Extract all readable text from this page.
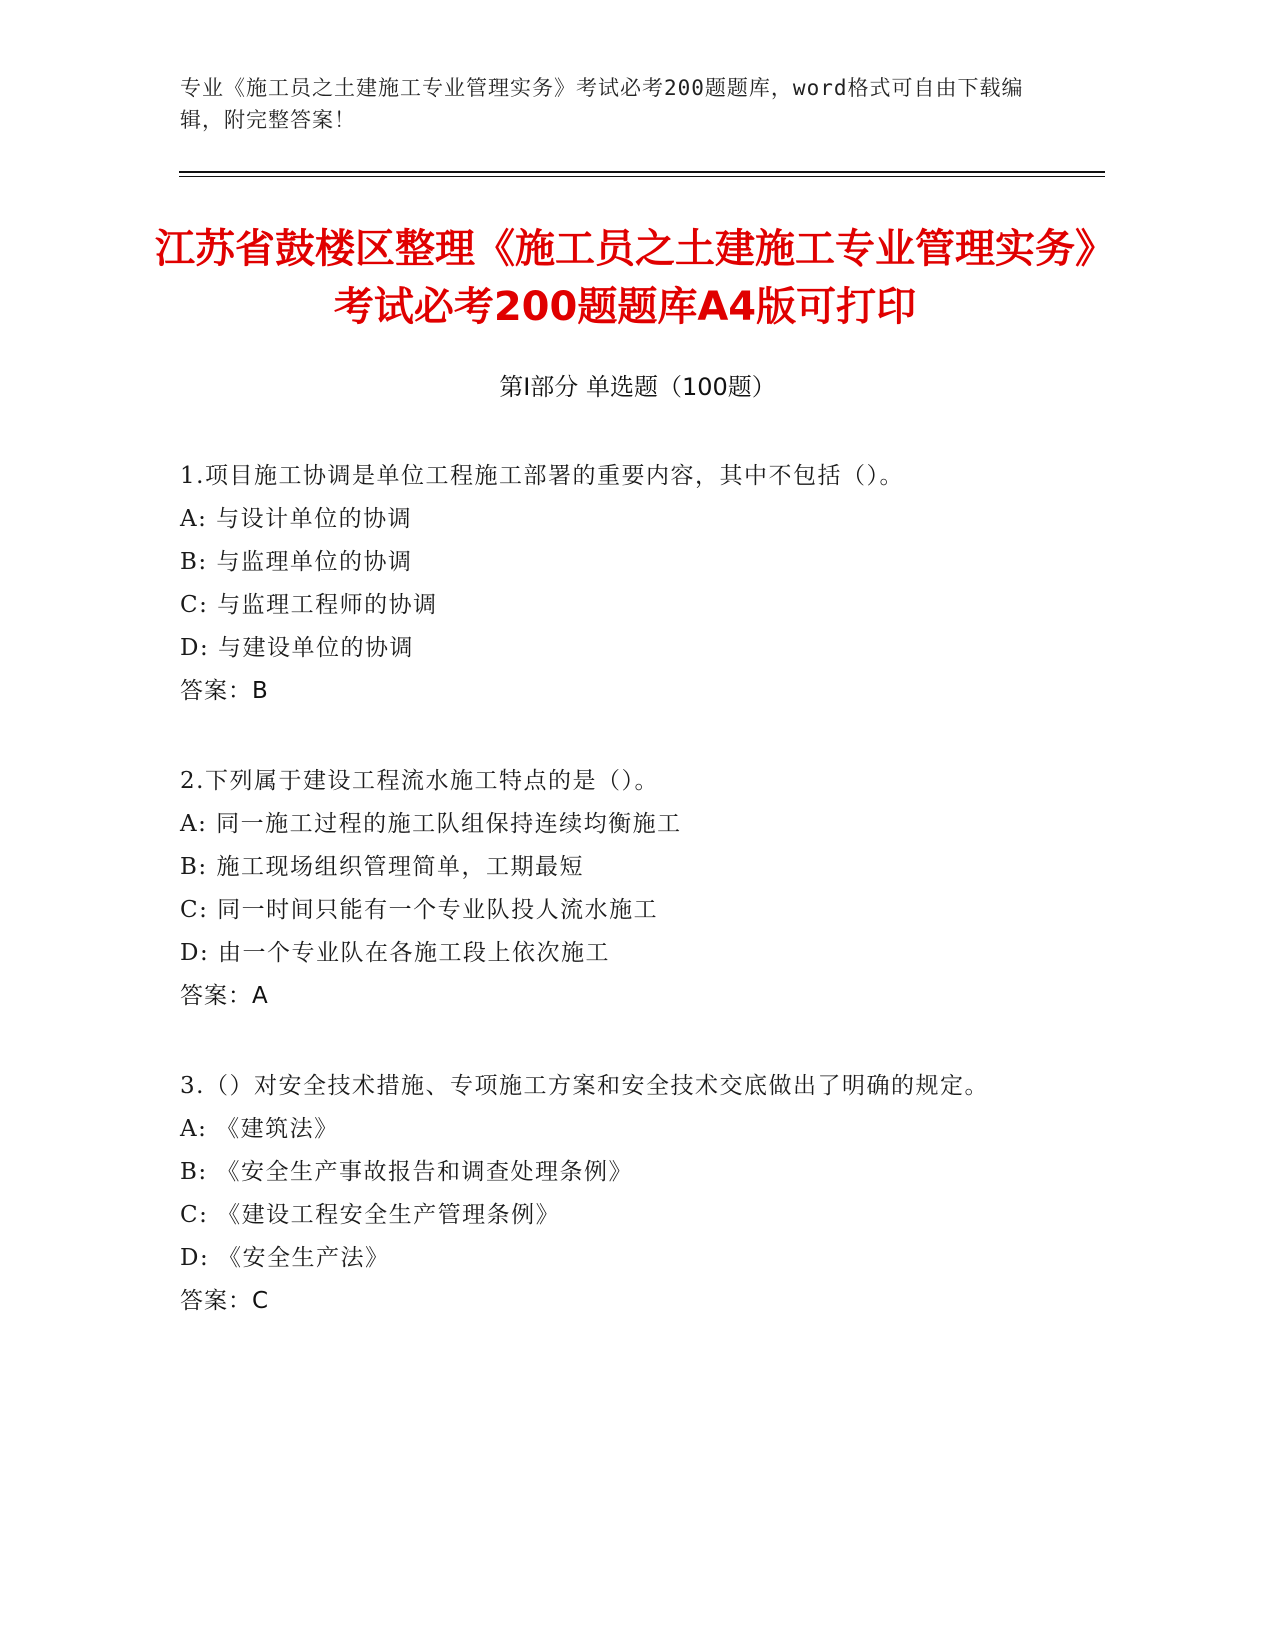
专业《施工员之土建施工专业管理实务》考试必考200题题库，word格式可自由下载编辑，附完整答案！
江苏省鼓楼区整理《施工员之土建施工专业管理实务》考试必考200题题库A4版可打印
第Ⅰ部分 单选题（100题）
1.项目施工协调是单位工程施工部署的重要内容，其中不包括（）。
A: 与设计单位的协调
B: 与监理单位的协调
C: 与监理工程师的协调
D: 与建设单位的协调
答案：B
2.下列属于建设工程流水施工特点的是（）。
A: 同一施工过程的施工队组保持连续均衡施工
B: 施工现场组织管理简单，工期最短
C: 同一时间只能有一个专业队投人流水施工
D: 由一个专业队在各施工段上依次施工
答案：A
3.（）对安全技术措施、专项施工方案和安全技术交底做出了明确的规定。
A: 《建筑法》
B: 《安全生产事故报告和调查处理条例》
C: 《建设工程安全生产管理条例》
D: 《安全生产法》
答案：C
